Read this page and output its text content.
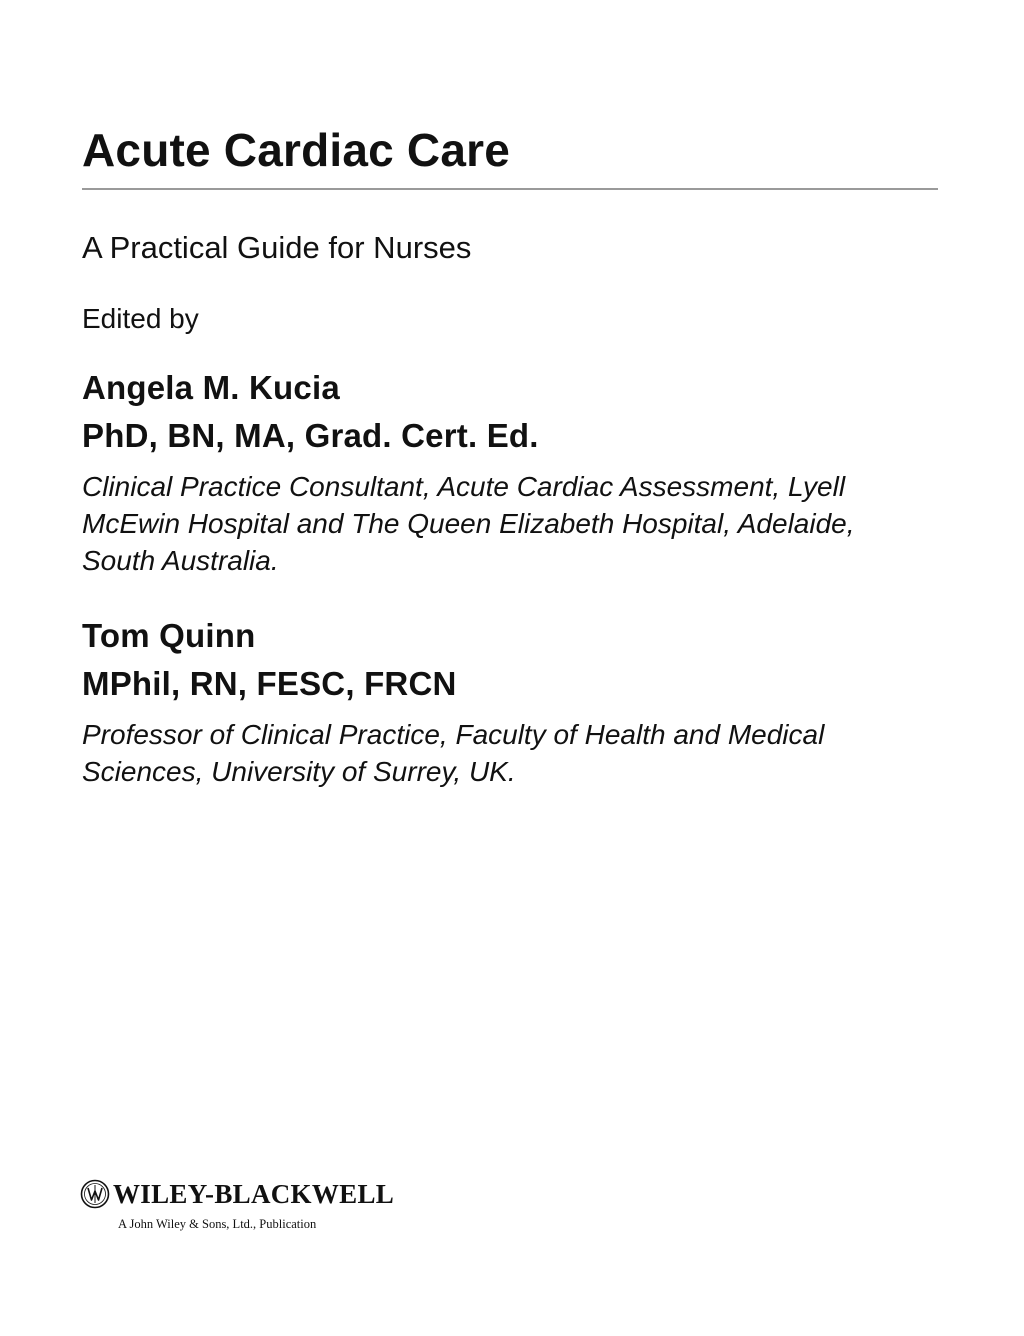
Acute Cardiac Care
A Practical Guide for Nurses
Edited by
Angela M. Kucia
PhD, BN, MA, Grad. Cert. Ed.
Clinical Practice Consultant, Acute Cardiac Assessment, Lyell
McEwin Hospital and The Queen Elizabeth Hospital, Adelaide,
South Australia.
Tom Quinn
MPhil, RN, FESC, FRCN
Professor of Clinical Practice, Faculty of Health and Medical
Sciences, University of Surrey, UK.
WILEY-BLACKWELL
A John Wiley & Sons, Ltd., Publication
